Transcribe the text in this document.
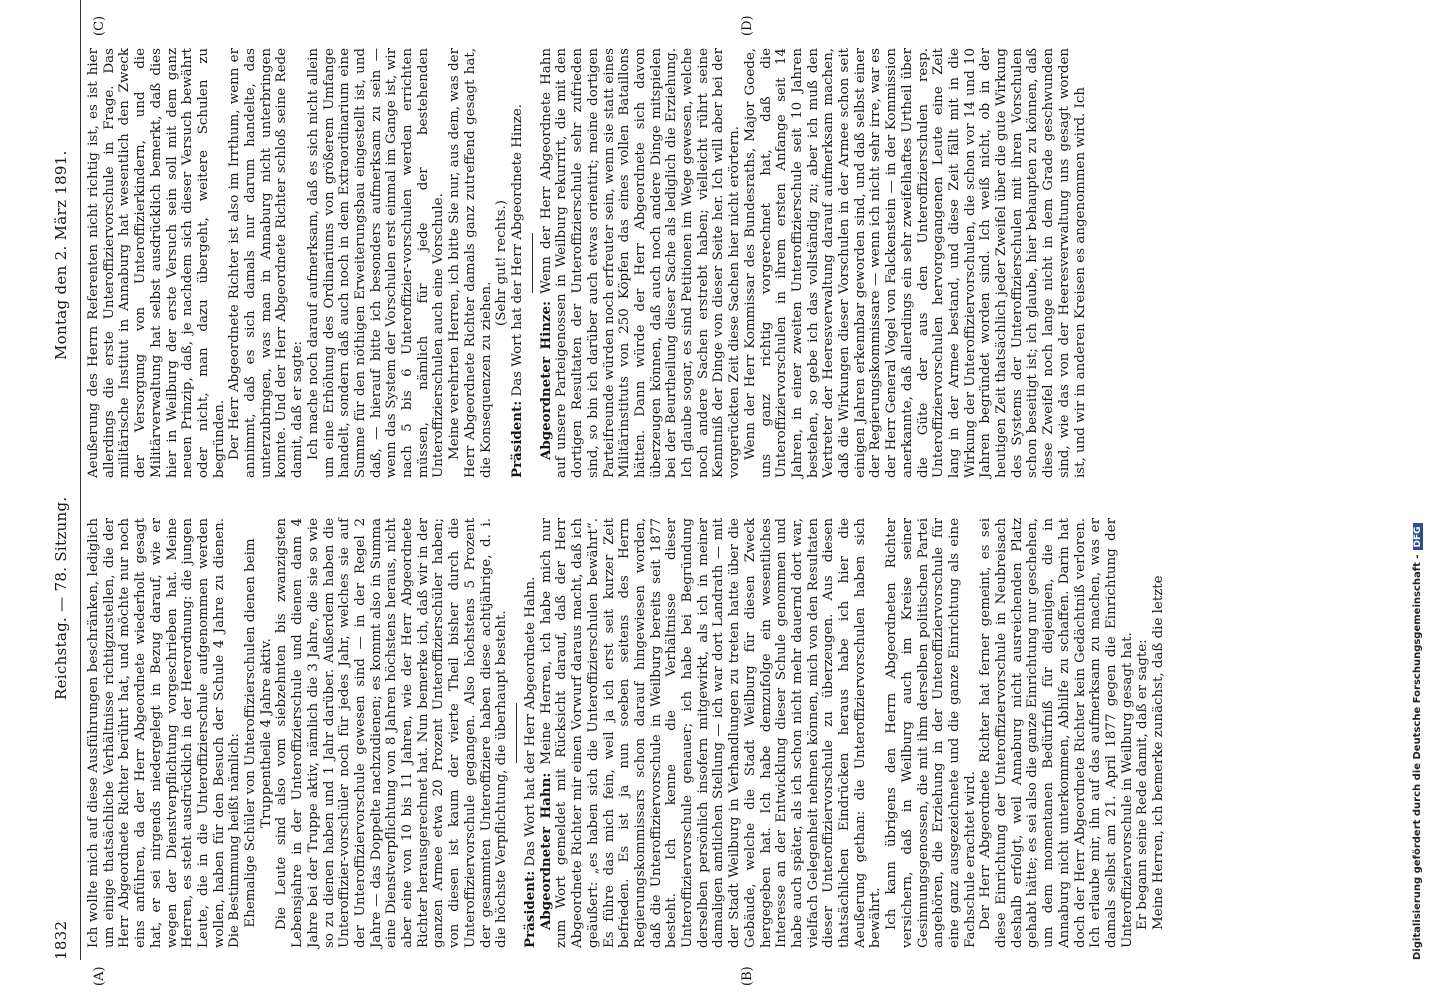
1832
Reichstag. — 78. Sitzung.
Montag den 2. März 1891.
(A)	(B)
(C)	(D)

Ich wollte mich auf diese Ausführungen beschränken, lediglich um einige thatsächliche Verhältnisse richtigzustellen, die der Herr Abgeordnete Richter berührt hat, und möchte nur noch eins anführen, da der Herr Abgeordnete wiederholt gesagt hat, er sei nirgends niedergelegt in Bezug darauf, wie er wegen der Dienstverpflichtung vorgeschrieben hat. Meine Herren, es steht ausdrücklich in der Heerordnung: die jungen Leute, die in die Unteroffizierschule aufgenommen werden wollen, haben für den Besuch der Schule 4 Jahre zu dienen. Die Bestimmung heißt nämlich: Ehemalige Schüler von Unteroffizierschulen dienen beim Truppentheile 4 Jahre aktiv. Die Leute sind also vom siebzehnten bis zwanzigsten Lebensjahre in der Unteroffizierschule und dienen dann 4 Jahre bei der Truppe aktiv, nämlich die 3 Jahre, die sie so wie so zu dienen haben und 1 Jahr darüber. Außerdem haben die Unteroffizier-vorschüler noch für jedes Jahr, welches sie auf der Unteroffiziervorschule gewesen sind — in der Regel 2 Jahre — das Doppelte nachzudienen; es kommt also in Summa eine Dienstverpflichtung von 8 Jahren höchstens heraus, nicht aber eine von 10 bis 11 Jahren, wie der Herr Abgeordnete Richter herausgerechnet hat. Nun bemerke ich, daß wir in der ganzen Armee etwa 20 Prozent Unteroffizierschüler haben; von diesen ist kaum der vierte Theil bisher durch die Unteroffiziervorschule gegangen. Also höchstens 5 Prozent der gesammten Unteroffiziere haben diese achtjährige, d. i. die höchste Verpflichtung, die überhaupt besteht. Präsident: Das Wort hat der Herr Abgeordnete Hahn. Abgeordneter Hahn: Meine Herren, ich habe mich nur zum Wort gemeldet mit Rücksicht darauf, daß der Herr Abgeordnete Richter mir einen Vorwurf daraus macht, daß ich geäußert: „es haben sich die Unteroffizierschulen bewährt“. Es führe das mich fein, weil ja ich erst seit kurzer Zeit befrieden. Es ist ja nun soeben seitens des Herrn Regierungskommissars schon darauf hingewiesen worden, daß die Unteroffiziervorschule in Weilburg bereits seit 1877 besteht. Ich kenne die Verhältnisse dieser Unteroffiziervorschule genauer; ich habe bei Begründung derselben persönlich insofern mitgewirkt, als ich in meiner damaligen amtlichen Stellung — ich war dort Landrath — mit der Stadt Weilburg in Verhandlungen zu treten hatte über die Gebäude, welche die Stadt Weilburg für diesen Zweck hergegeben hat. Ich habe demzufolge ein wesentliches Interesse an der Entwicklung dieser Schule genommen und habe auch später, als ich schon nicht mehr dauernd dort war, vielfach Gelegenheit nehmen können, mich von den Resultaten dieser Unteroffiziervorschule zu überzeugen. Aus diesen thatsächlichen Eindrücken heraus habe ich hier die Aeußerung gethan: die Unteroffiziervorschulen haben sich bewährt. Ich kann übrigens den Herrn Abgeordneten Richter versichern, daß in Weilburg auch im Kreise seiner Gesinnungsgenossen, die mit ihm derselben politischen Partei angehören, die Erziehung in der Unteroffiziervorschule für eine ganz ausgezeichnete und die ganze Einrichtung als eine Fachschule erachtet wird. Der Herr Abgeordnete Richter hat ferner gemeint, es sei diese Einrichtung der Unteroffiziervorschule in Neubreisach deshalb erfolgt, weil Annaburg nicht ausreichenden Platz gehabt hätte; es sei also die ganze Einrichtung nur geschehen, um dem momentanen Bedürfniß für diejenigen, die in Annaburg nicht unterkommen, Abhilfe zu schaffen. Darin hat doch der Herr Abgeordnete Richter kein Gedächtniß verloren. Ich erlaube mir, ihn auf das aufmerksam zu machen, was er damals selbst am 21. April 1877 gegen die Einrichtung der Unteroffiziervorschule in Weilburg gesagt hat. Er begann seine Rede damit, daß er sagte: Meine Herren, ich bemerke zunächst, daß die letzte

Aeußerung des Herrn Referenten nicht richtig ist, es ist hier allerdings die erste Unteroffiziervorschule in Frage. Das militärische Institut in Annaburg hat wesentlich den Zweck der Versorgung von Unteroffizierkindern, und die Militärverwaltung hat selbst ausdrücklich bemerkt, daß dies hier in Weilburg der erste Versuch sein soll mit dem ganz neuen Prinzip, daß, je nachdem sich dieser Versuch bewährt oder nicht, man dazu übergeht, weitere Schulen zu begründen. Der Herr Abgeordnete Richter ist also im Irrthum, wenn er annimmt, daß es sich damals nur darum handelte, das unterzubringen, was man in Annaburg nicht unterbringen konnte. Und der Herr Abgeordnete Richter schloß seine Rede damit, daß er sagte: Ich mache noch darauf aufmerksam, daß es sich nicht allein um eine Erhöhung des Ordinariums von größerem Umfange handelt, sondern daß auch noch in dem Extraordinarium eine Summe für den nöthigen Erweiterungsbau eingestellt ist, und daß, — hierauf bitte ich besonders aufmerksam zu sein — wenn das System der Vorschulen erst einmal im Gange ist, wir nach 5 bis 6 Unteroffizier-vorschulen werden errichten müssen, nämlich für jede der bestehenden Unteroffizierschulen auch eine Vorschule. Meine verehrten Herren, ich bitte Sie nur, aus dem, was der Herr Abgeordnete Richter damals ganz zutreffend gesagt hat, die Konsequenzen zu ziehen.

(Sehr gut! rechts.)

Präsident: Das Wort hat der Herr Abgeordnete Hinze. Abgeordneter Hinze: Wenn der Herr Abgeordnete Hahn auf unsere Parteigenossen in Weilburg rekurrirt, die mit den dortigen Resultaten der Unteroffizierschule sehr zufrieden sind, so bin ich darüber auch etwas orientirt; meine dortigen Parteifreunde würden noch erfreuter sein, wenn sie statt eines Militärinstituts von 250 Köpfen das eines vollen Bataillons hätten. Dann würde der Herr Abgeordnete sich davon überzeugen können, daß auch noch andere Dinge mitspielen bei der Beurtheilung dieser Sache als lediglich die Erziehung. Ich glaube sogar, es sind Petitionen im Wege gewesen, welche noch andere Sachen erstrebt haben; vielleicht rührt seine Kenntniß der Dinge von dieser Seite her. Ich will aber bei der vorgerückten Zeit diese Sachen hier nicht erörtern. Wenn der Herr Kommissar des Bundesraths, Major Goede, uns ganz richtig vorgerechnet hat, daß die Unteroffiziervorschulen in ihrem ersten Anfange seit 14 Jahren, in einer zweiten Unteroffizierschule seit 10 Jahren bestehen, so gebe ich das vollständig zu; aber ich muß den Vertreter der Heeresverwaltung darauf aufmerksam machen, daß die Wirkungen dieser Vorschulen in der Armee schon seit einigen Jahren erkennbar geworden sind, und daß selbst einer der Regierungskommissare — wenn ich nicht sehr irre, war es der Herr General Vogel von Falckenstein — in der Kommission anerkannte, daß allerdings ein sehr zweifelhaftes Urtheil über die Güte der aus den Unteroffizierschulen resp. Unteroffiziervorschulen hervorgegangenen Leute eine Zeit lang in der Armee bestand, und diese Zeit fällt mit in die Wirkung der Unteroffiziervorschulen, die schon vor 14 und 10 Jahren begründet worden sind. Ich weiß nicht, ob in der heutigen Zeit thatsächlich jeder Zweifel über die gute Wirkung des Systems der Unteroffizierschulen mit ihren Vorschulen schon beseitigt ist; ich glaube, hier behaupten zu können, daß diese Zweifel noch lange nicht in dem Grade geschwunden sind, wie das von der Heeresverwaltung uns gesagt worden ist, und wir in anderen Kreisen es angenommen wird. Ich

Digitalisierung gefördert durch die Deutsche Forschungsgemeinschaft -DFG
